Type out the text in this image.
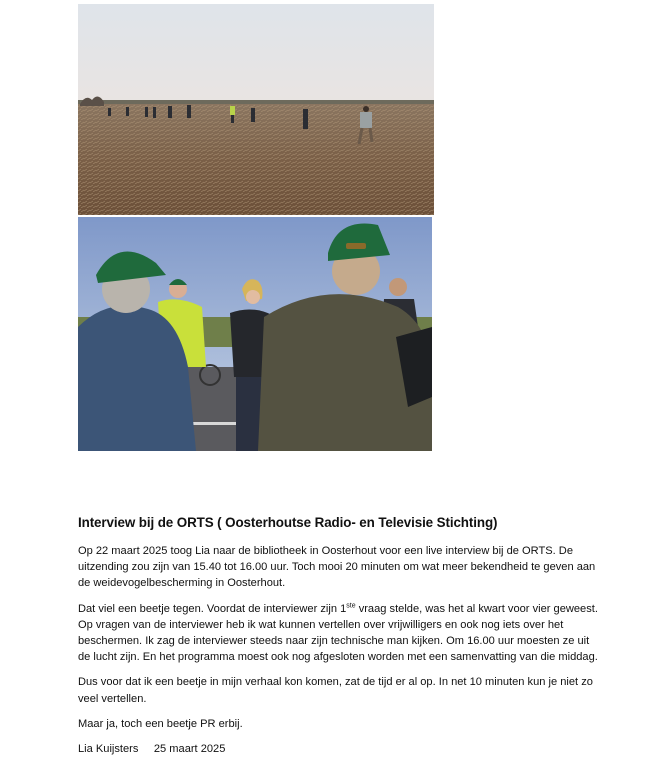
Interview bij de ORTS ( Oosterhoutse Radio- en Televisie Stichting)

Op 22 maart 2025 toog Lia naar de bibliotheek in Oosterhout voor een live interview bij de ORTS. De uitzending zou zijn van 15.40 tot 16.00 uur. Toch mooi 20 minuten om wat meer bekendheid te geven aan de weidevogelbescherming in Oosterhout.

Dat viel een beetje tegen. Voordat de interviewer zijn 1ste vraag stelde, was het al kwart voor vier geweest. Op vragen van de interviewer heb ik wat kunnen vertellen over vrijwilligers en ook nog iets over het beschermen. Ik zag de interviewer steeds naar zijn technische man kijken. Om 16.00 uur moesten ze uit de lucht zijn. En het programma moest ook nog afgesloten worden met een samenvatting van die middag.

Dus voor dat ik een beetje in mijn verhaal kon komen, zat de tijd er al op. In net 10 minuten kun je niet zo veel vertellen.

Maar ja, toch een beetje PR erbij.

Lia Kuijsters 25 maart 2025
